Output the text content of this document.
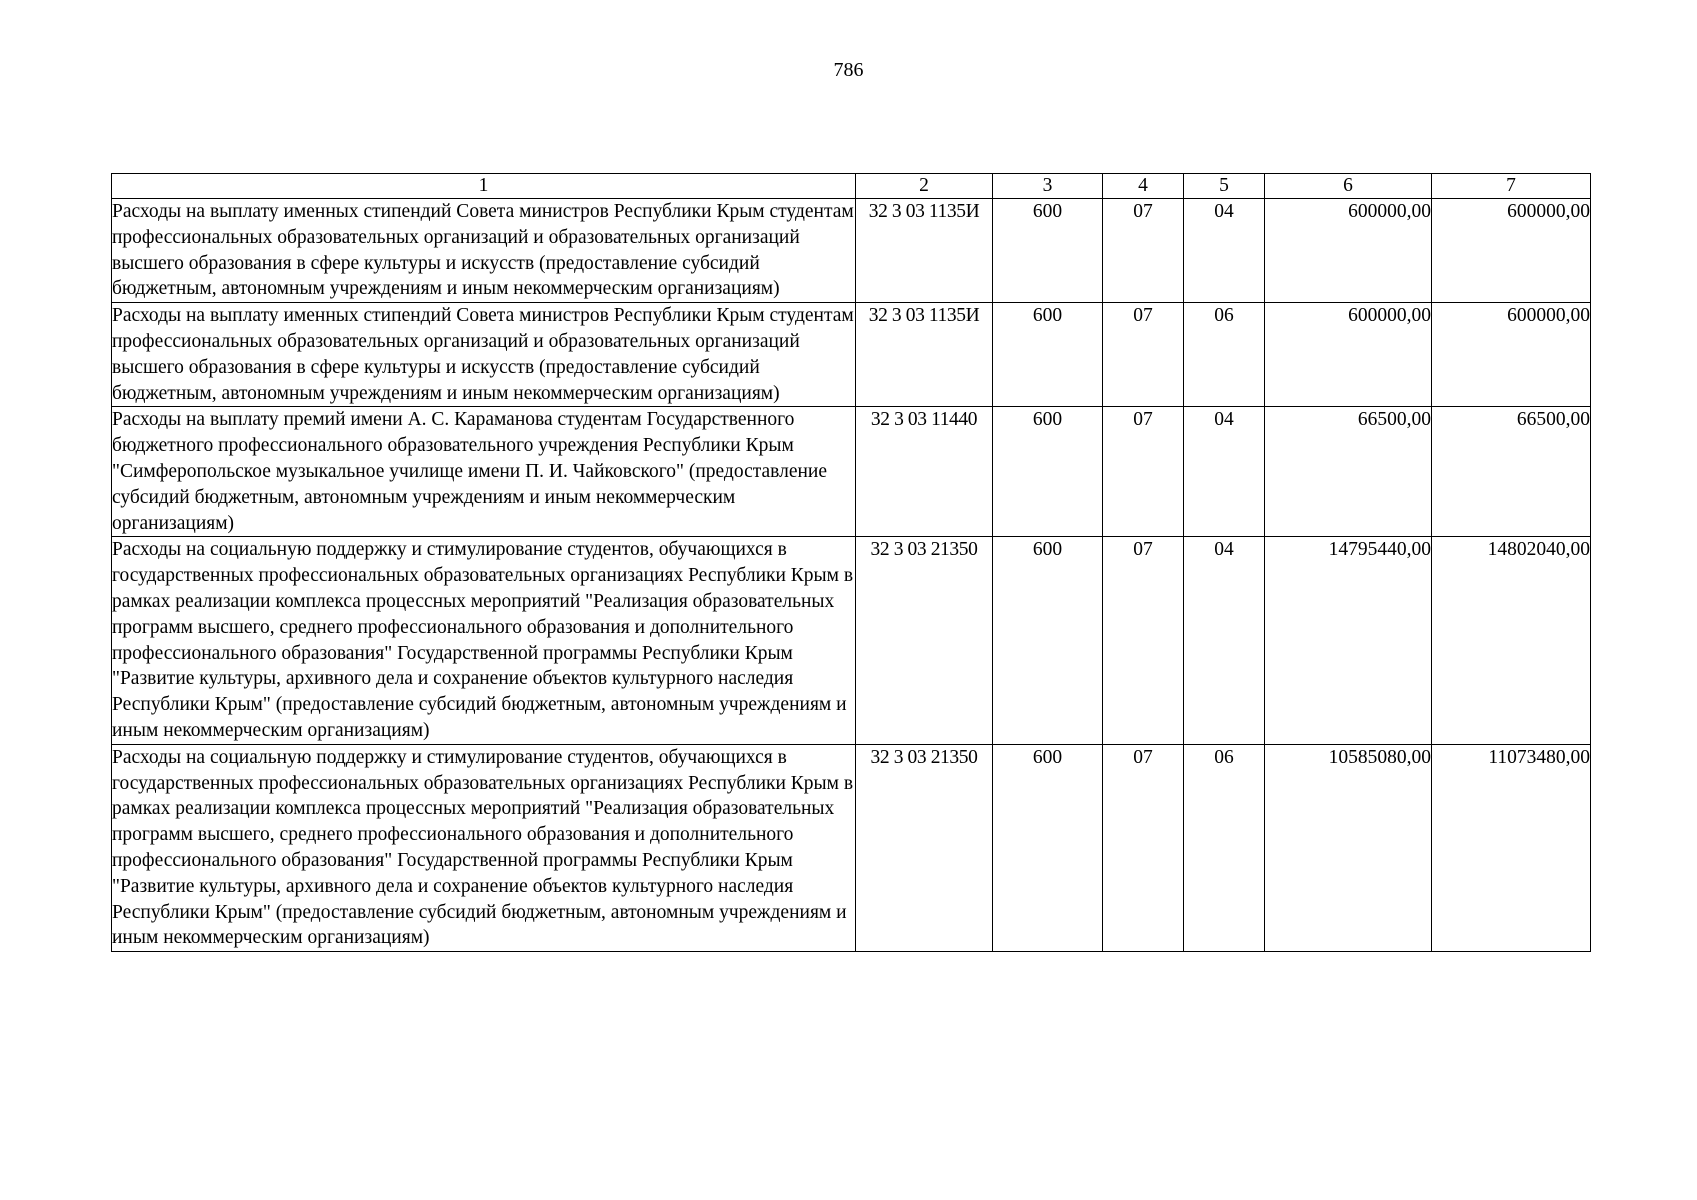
786
1	2	3	4	5	6	7
Расходы на выплату именных стипендий Совета министров Республики Крым студентам профессиональных образовательных организаций и образовательных организаций высшего образования в сфере культуры и искусств (предоставление субсидий бюджетным, автономным учреждениям и иным некоммерческим организациям)	32 3 03 1135И	600	07	04	600000,00	600000,00
Расходы на выплату именных стипендий Совета министров Республики Крым студентам профессиональных образовательных организаций и образовательных организаций высшего образования в сфере культуры и искусств (предоставление субсидий бюджетным, автономным учреждениям и иным некоммерческим организациям)	32 3 03 1135И	600	07	06	600000,00	600000,00
Расходы на выплату премий имени А. С. Караманова студентам Государственного бюджетного профессионального образовательного учреждения Республики Крым "Симферопольское музыкальное училище имени П. И. Чайковского" (предоставление субсидий бюджетным, автономным учреждениям и иным некоммерческим организациям)	32 3 03 11440	600	07	04	66500,00	66500,00
Расходы на социальную поддержку и стимулирование студентов, обучающихся в государственных профессиональных образовательных организациях Республики Крым в рамках реализации комплекса процессных мероприятий "Реализация образовательных программ высшего, среднего профессионального образования и дополнительного профессионального образования" Государственной программы Республики Крым "Развитие культуры, архивного дела и сохранение объектов культурного наследия Республики Крым" (предоставление субсидий бюджетным, автономным учреждениям и иным некоммерческим организациям)	32 3 03 21350	600	07	04	14795440,00	14802040,00
Расходы на социальную поддержку и стимулирование студентов, обучающихся в государственных профессиональных образовательных организациях Республики Крым в рамках реализации комплекса процессных мероприятий "Реализация образовательных программ высшего, среднего профессионального образования и дополнительного профессионального образования" Государственной программы Республики Крым "Развитие культуры, архивного дела и сохранение объектов культурного наследия Республики Крым" (предоставление субсидий бюджетным, автономным учреждениям и иным некоммерческим организациям)	32 3 03 21350	600	07	06	10585080,00	11073480,00
